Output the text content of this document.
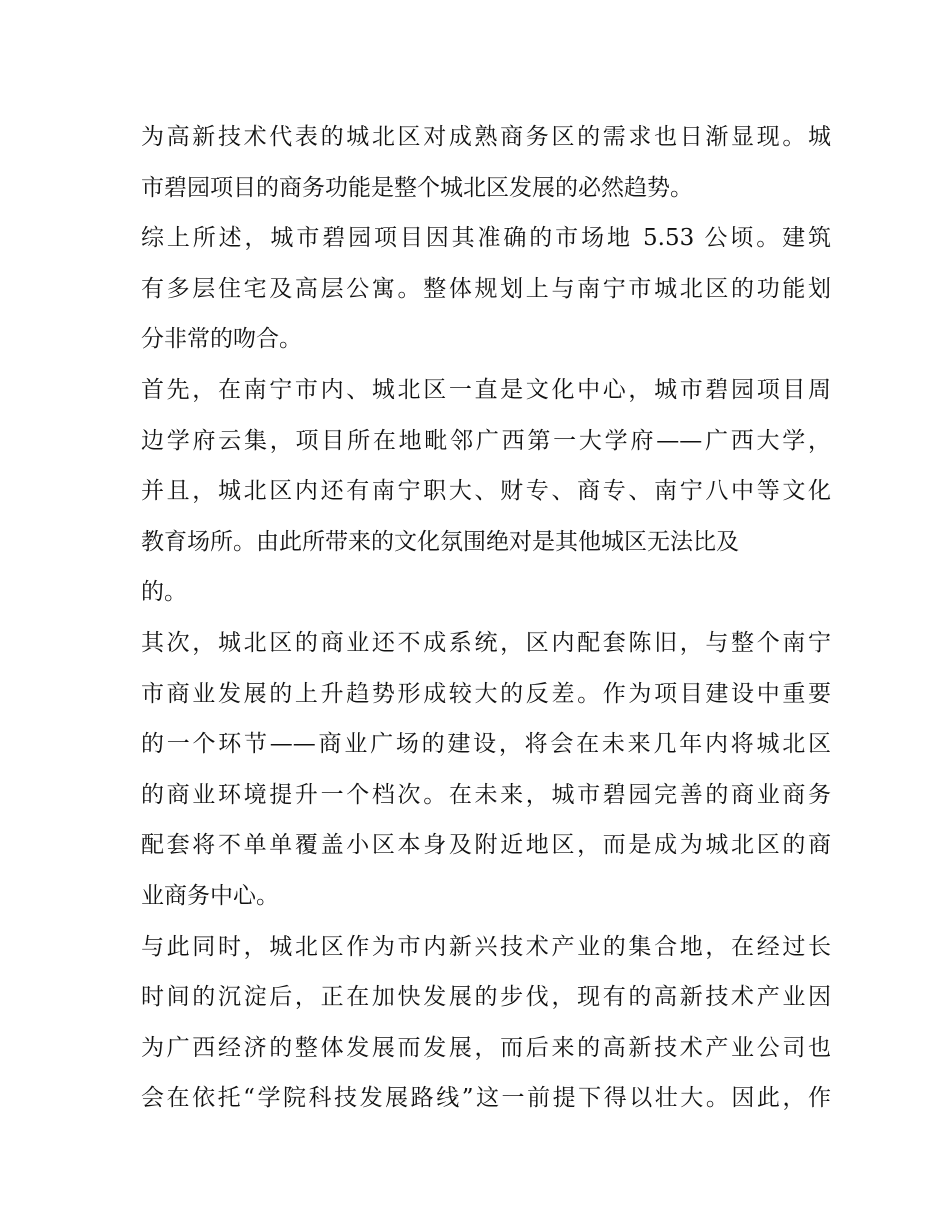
为高新技术代表的城北区对成熟商务区的需求也日渐显现。城
市碧园项目的商务功能是整个城北区发展的必然趋势。
综上所述，城市碧园项目因其准确的市场地 5.53 公顷。建筑
有多层住宅及高层公寓。整体规划上与南宁市城北区的功能划
分非常的吻合。
首先，在南宁市内、城北区一直是文化中心，城市碧园项目周
边学府云集，项目所在地毗邻广西第一大学府——广西大学，
并且，城北区内还有南宁职大、财专、商专、南宁八中等文化
教育场所。由此所带来的文化氛围绝对是其他城区无法比及
的。
其次，城北区的商业还不成系统，区内配套陈旧，与整个南宁
市商业发展的上升趋势形成较大的反差。作为项目建设中重要
的一个环节——商业广场的建设，将会在未来几年内将城北区
的商业环境提升一个档次。在未来，城市碧园完善的商业商务
配套将不单单覆盖小区本身及附近地区，而是成为城北区的商
业商务中心。
与此同时，城北区作为市内新兴技术产业的集合地，在经过长
时间的沉淀后，正在加快发展的步伐，现有的高新技术产业因
为广西经济的整体发展而发展，而后来的高新技术产业公司也
会在依托“学院科技发展路线”这一前提下得以壮大。因此，作
